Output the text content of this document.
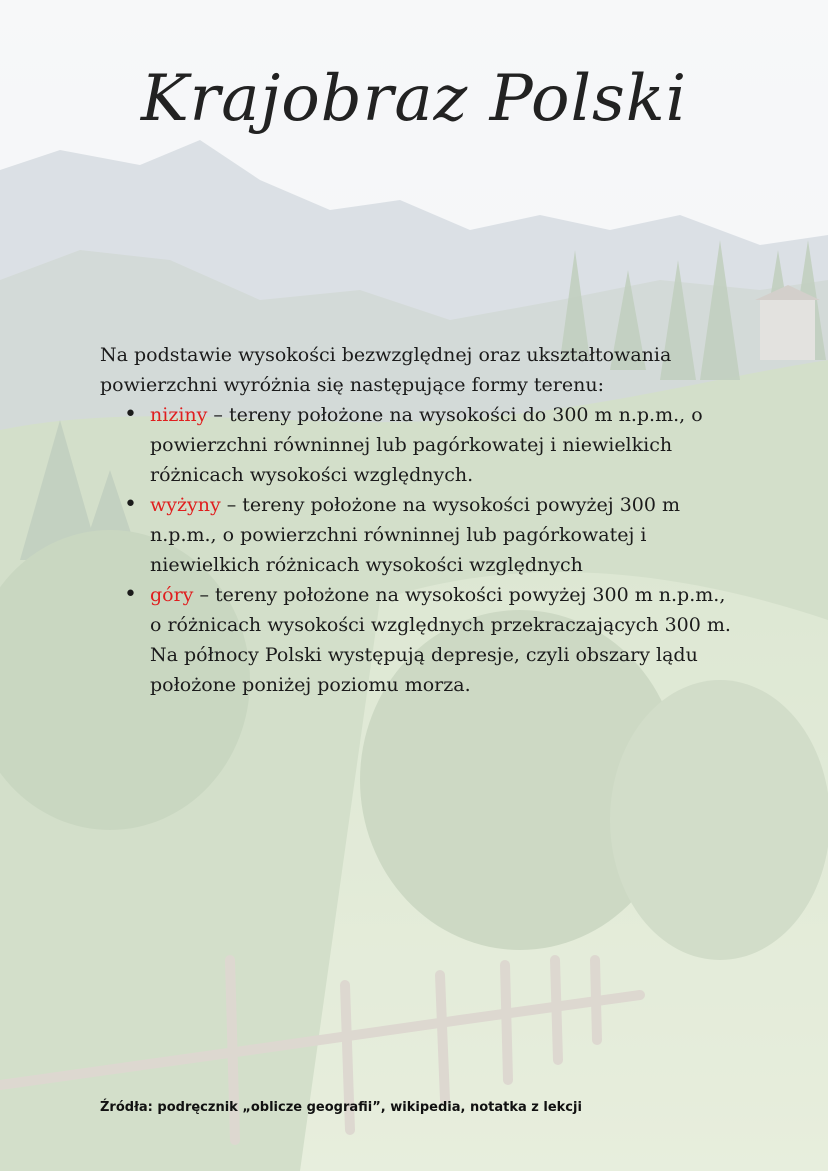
Krajobraz Polski

Na podstawie wysokości bezwzględnej oraz ukształtowania powierzchni wyróżnia się następujące formy terenu:

• niziny – tereny położone na wysokości do 300 m n.p.m., o powierzchni równinnej lub pagórkowatej i niewielkich różnicach wysokości względnych.
• wyżyny – tereny położone na wysokości powyżej 300 m n.p.m., o powierzchni równinnej lub pagórkowatej i niewielkich różnicach wysokości względnych
• góry – tereny położone na wysokości powyżej 300 m n.p.m., o różnicach wysokości względnych przekraczających 300 m. Na północy Polski występują depresje, czyli obszary lądu położone poniżej poziomu morza.
Źródła: podręcznik „oblicze geografii”, wikipedia, notatka z lekcji
